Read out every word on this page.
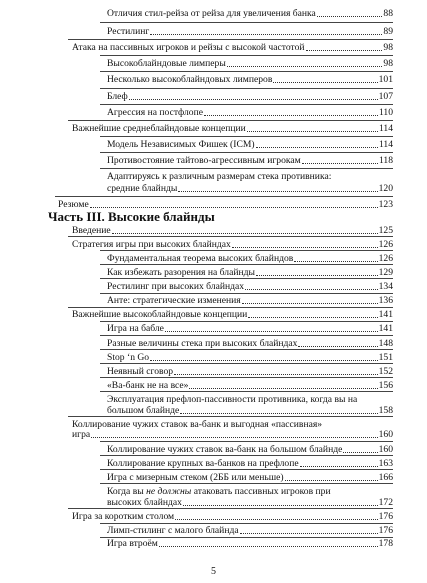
Отличия стил-рейза от рейза для увеличения банка	88
Рестилинг	89
Атака на пассивных игроков и рейзы с высокой частотой	98
Высокоблайндовые лимперы	98
Несколько высокоблайндовых лимперов	101
Блеф	107
Агрессия на постфлопе	110
Важнейшие среднеблайндовые концепции	114
Модель Независимых Фишек (ICM)	114
Противостояние тайтово-агрессивным игрокам	118
Адаптируясь к различным размерам стека противника:
средние блайнды	120
Резюме	123
Часть III. Высокие блайнды
Введение	125
Стратегия игры при высоких блайндах	126
Фундаментальная теорема высоких блайндов	126
Как избежать разорения на блайнды	129
Рестилинг при высоких блайндах	134
Анте: стратегические изменения	136
Важнейшие высокоблайндовые концепции	141
Игра на бабле	141
Разные величины стека при высоких блайндах	148
Stop ‘n Go	151
Неявный сговор	152
«Ва-банк не на все»	156
Эксплуатация префлоп-пассивности противника, когда вы на
большом блайнде	158
Коллирование чужих ставок ва-банк и выгодная «пассивная»
игра	160
Коллирование чужих ставок ва-банк на большом блайнде	160
Коллирование крупных ва-банков на префлопе	163
Игра с мизерным стеком (2ББ или меньше)	166
Когда вы не должны атаковать пассивных игроков при
высоких блайндах	172
5
Игра за коротким столом	176
Лимп-стилинг с малого блайнда	176
Игра втроём	178
